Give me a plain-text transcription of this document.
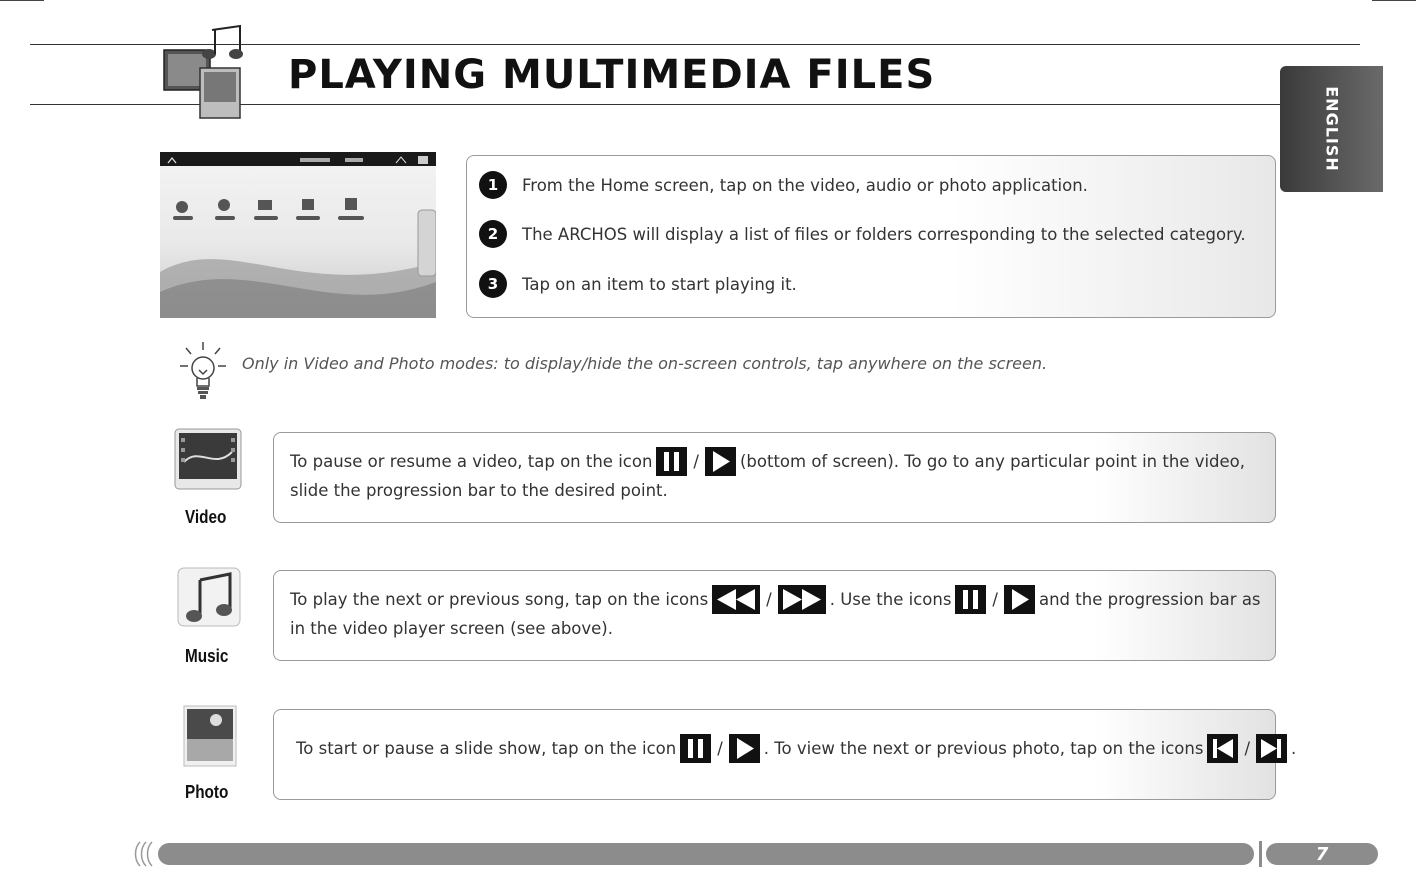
PLAYING MULTIMEDIA FILES
ENGLISH
1	From the Home screen, tap on the video, audio or photo application.
2	The ARCHOS will display a list of files or folders corresponding to the selected category.
3	Tap on an item to start playing it.
Only in Video and Photo modes: to display/hide the on-screen controls, tap anywhere on the screen.
Video
To pause or resume a video, tap on the icon / (bottom of screen). To go to any particular point in the video,
slide the progression bar to the desired point.
Music
To play the next or previous song, tap on the icons	/	. Use the icons / and the progression bar as
in the video player screen (see above).
Photo
To start or pause a slide show, tap on the icon / . To view the next or previous photo, tap on the icons / .
7
